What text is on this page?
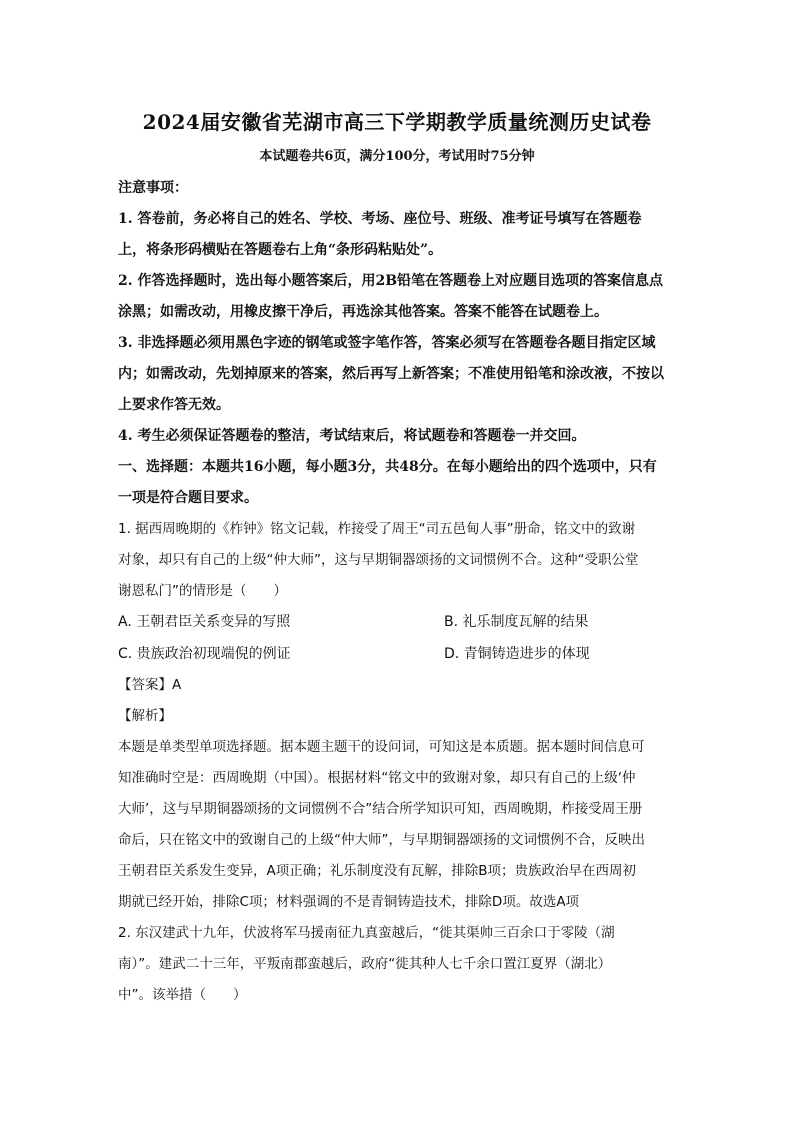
2024届安徽省芜湖市高三下学期教学质量统测历史试卷
本试题卷共6页，满分100分，考试用时75分钟
注意事项：
1. 答卷前，务必将自己的姓名、学校、考场、座位号、班级、准考证号填写在答题卷
上，将条形码横贴在答题卷右上角“条形码粘贴处”。
2. 作答选择题时，选出每小题答案后，用2B铅笔在答题卷上对应题目选项的答案信息点
涂黑；如需改动，用橡皮擦干净后，再选涂其他答案。答案不能答在试题卷上。
3. 非选择题必须用黑色字迹的钢笔或签字笔作答，答案必须写在答题卷各题目指定区域
内；如需改动，先划掉原来的答案，然后再写上新答案；不准使用铅笔和涂改液，不按以
上要求作答无效。
4. 考生必须保证答题卷的整洁，考试结束后，将试题卷和答题卷一并交回。
一、选择题：本题共16小题，每小题3分，共48分。在每小题给出的四个选项中，只有
一项是符合题目要求。
1. 据西周晚期的《柞钟》铭文记载，柞接受了周王“司五邑甸人事”册命，铭文中的致谢
对象，却只有自己的上级“仲大师”，这与早期铜器颂扬的文词惯例不合。这种“受职公堂
谢恩私门”的情形是（　　）
A. 王朝君臣关系变异的写照	B. 礼乐制度瓦解的结果
C. 贵族政治初现端倪的例证	D. 青铜铸造进步的体现
【答案】A
【解析】
本题是单类型单项选择题。据本题主题干的设问词，可知这是本质题。据本题时间信息可
知准确时空是：西周晚期（中国）。根据材料“铭文中的致谢对象，却只有自己的上级‘仲
大师’，这与早期铜器颂扬的文词惯例不合”结合所学知识可知，西周晚期，柞接受周王册
命后，只在铭文中的致谢自己的上级“仲大师”，与早期铜器颂扬的文词惯例不合，反映出
王朝君臣关系发生变异，A项正确；礼乐制度没有瓦解，排除B项；贵族政治早在西周初
期就已经开始，排除C项；材料强调的不是青铜铸造技术，排除D项。故选A项
2. 东汉建武十九年，伏波将军马援南征九真蛮越后，“徙其渠帅三百余口于零陵（湖
南）”。建武二十三年，平叛南郡蛮越后，政府“徙其种人七千余口置江夏界（湖北）
中”。该举措（　　）
